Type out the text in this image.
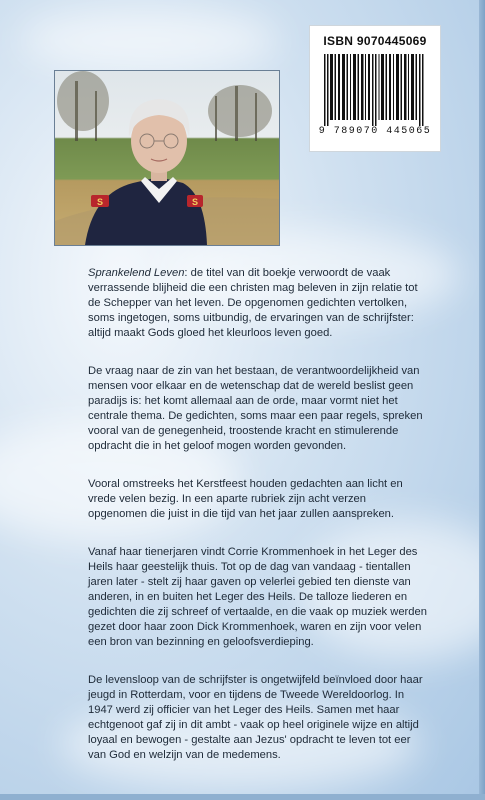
S	S
ISBN 9070445069
9 789070 445065

Sprankelend Leven: de titel van dit boekje verwoordt de vaak verrassende blijheid die een christen mag beleven in zijn relatie tot de Schepper van het leven. De opgenomen gedichten vertolken, soms ingetogen, soms uitbundig, de ervaringen van de schrijfster: altijd maakt Gods gloed het kleurloos leven goed.

De vraag naar de zin van het bestaan, de verantwoordelijkheid van mensen voor elkaar en de wetenschap dat de wereld beslist geen paradijs is: het komt allemaal aan de orde, maar vormt niet het centrale thema. De gedichten, soms maar een paar regels, spreken vooral van de genegenheid, troostende kracht en stimulerende opdracht die in het geloof mogen worden gevonden.

Vooral omstreeks het Kerstfeest houden gedachten aan licht en vrede velen bezig. In een aparte rubriek zijn acht verzen opgenomen die juist in die tijd van het jaar zullen aanspreken.

Vanaf haar tienerjaren vindt Corrie Krommenhoek in het Leger des Heils haar geestelijk thuis. Tot op de dag van vandaag - tientallen jaren later - stelt zij haar gaven op velerlei gebied ten dienste van anderen, in en buiten het Leger des Heils. De talloze liederen en gedichten die zij schreef of vertaalde, en die vaak op muziek werden gezet door haar zoon Dick Krommenhoek, waren en zijn voor velen een bron van bezinning en geloofsverdieping.

De levensloop van de schrijfster is ongetwijfeld beïnvloed door haar jeugd in Rotterdam, voor en tijdens de Tweede Wereldoorlog. In 1947 werd zij officier van het Leger des Heils. Samen met haar echtgenoot gaf zij in dit ambt - vaak op heel originele wijze en altijd loyaal en bewogen - gestalte aan Jezus' opdracht te leven tot eer van God en welzijn van de medemens.
